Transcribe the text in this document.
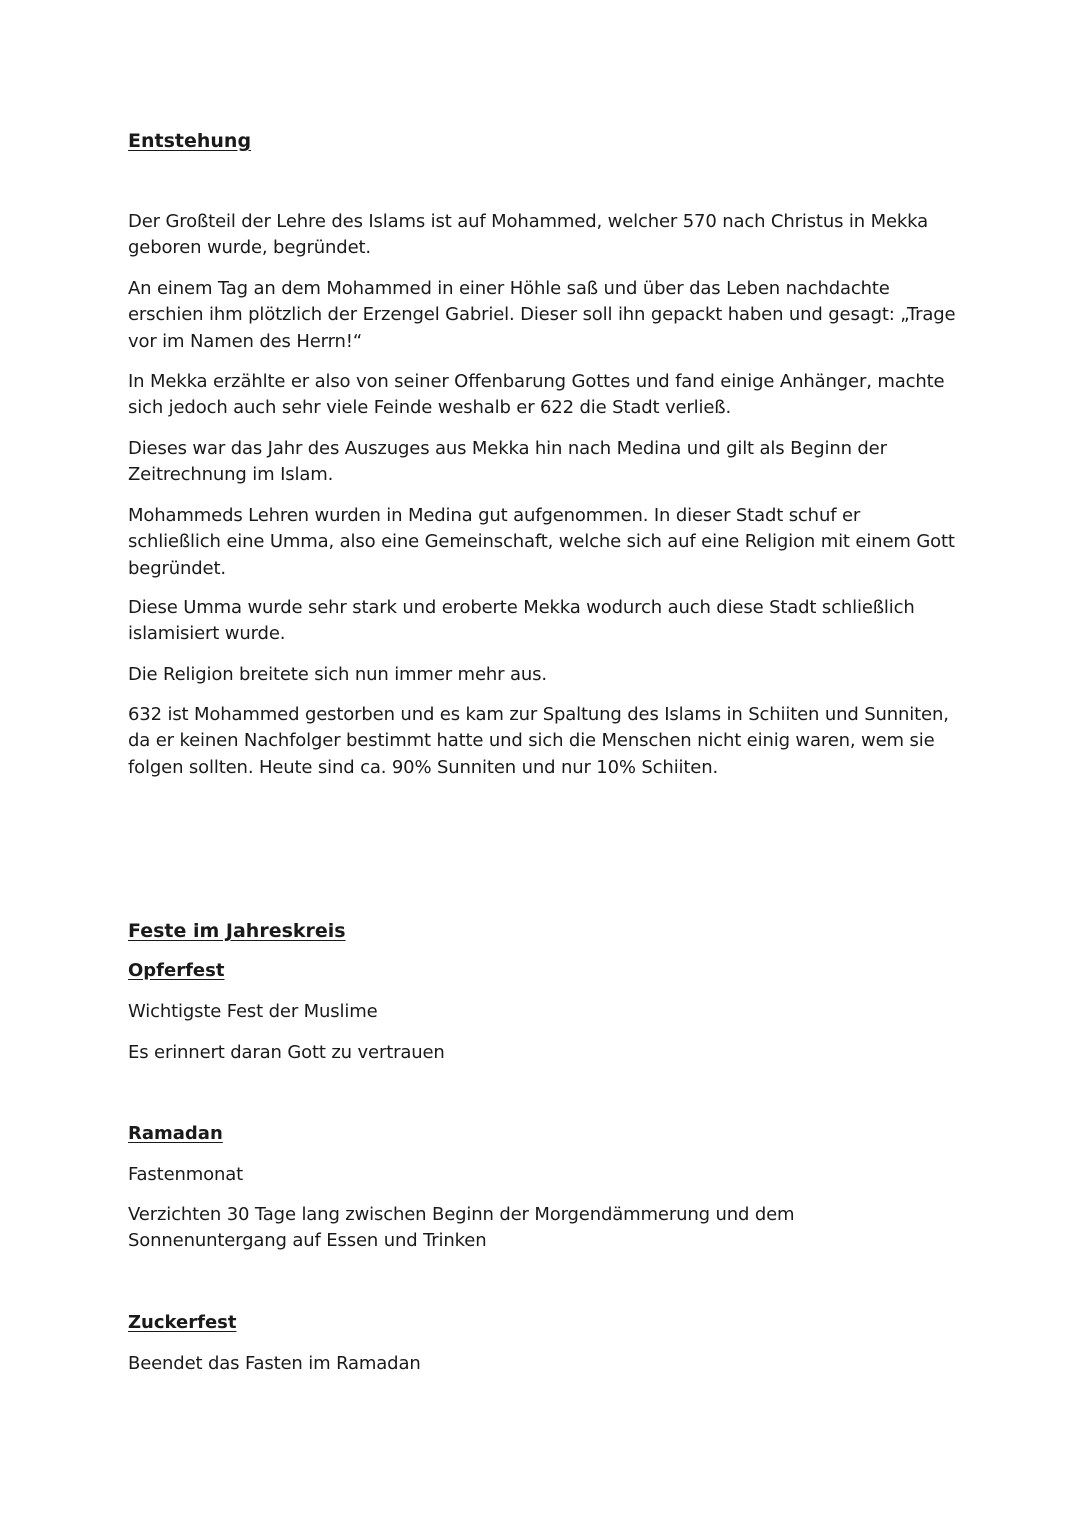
Entstehung

Der Großteil der Lehre des Islams ist auf Mohammed, welcher 570 nach Christus in Mekka geboren wurde, begründet.

An einem Tag an dem Mohammed in einer Höhle saß und über das Leben nachdachte erschien ihm plötzlich der Erzengel Gabriel. Dieser soll ihn gepackt haben und gesagt: „Trage vor im Namen des Herrn!“

In Mekka erzählte er also von seiner Offenbarung Gottes und fand einige Anhänger, machte sich jedoch auch sehr viele Feinde weshalb er 622 die Stadt verließ.

Dieses war das Jahr des Auszuges aus Mekka hin nach Medina und gilt als Beginn der Zeitrechnung im Islam.

Mohammeds Lehren wurden in Medina gut aufgenommen. In dieser Stadt schuf er schließlich eine Umma, also eine Gemeinschaft, welche sich auf eine Religion mit einem Gott begründet.

Diese Umma wurde sehr stark und eroberte Mekka wodurch auch diese Stadt schließlich islamisiert wurde.

Die Religion breitete sich nun immer mehr aus.

632 ist Mohammed gestorben und es kam zur Spaltung des Islams in Schiiten und Sunniten, da er keinen Nachfolger bestimmt hatte und sich die Menschen nicht einig waren, wem sie folgen sollten. Heute sind ca. 90% Sunniten und nur 10% Schiiten.

Feste im Jahreskreis
Opferfest

Wichtigste Fest der Muslime

Es erinnert daran Gott zu vertrauen

Ramadan

Fastenmonat

Verzichten 30 Tage lang zwischen Beginn der Morgendämmerung und dem Sonnenuntergang auf Essen und Trinken

Zuckerfest

Beendet das Fasten im Ramadan
